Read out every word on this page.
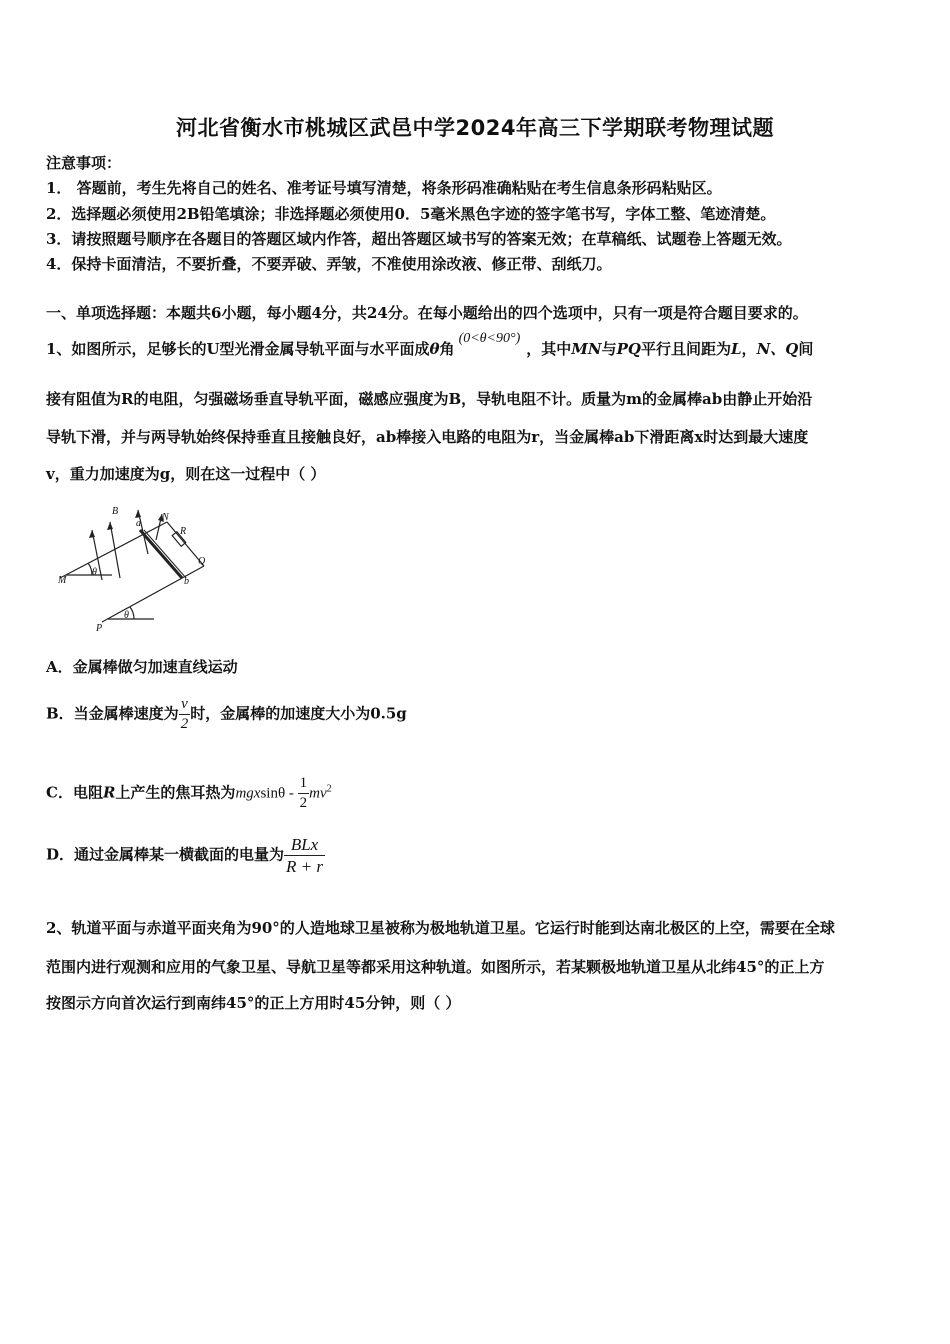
河北省衡水市桃城区武邑中学2024年高三下学期联考物理试题
注意事项：
1． 答题前，考生先将自己的姓名、准考证号填写清楚，将条形码准确粘贴在考生信息条形码粘贴区。
2．选择题必须使用2B铅笔填涂；非选择题必须使用0．5毫米黑色字迹的签字笔书写，字体工整、笔迹清楚。
3．请按照题号顺序在各题目的答题区域内作答，超出答题区域书写的答案无效；在草稿纸、试题卷上答题无效。
4．保持卡面清洁，不要折叠，不要弄破、弄皱，不准使用涂改液、修正带、刮纸刀。
一、单项选择题：本题共6小题，每小题4分，共24分。在每小题给出的四个选项中，只有一项是符合题目要求的。
1、如图所示，足够长的U型光滑金属导轨平面与水平面成θ角(0<θ<90°)，其中MN与PQ平行且间距为L，N、Q间
接有阻值为R的电阻，匀强磁场垂直导轨平面，磁感应强度为B，导轨电阻不计。质量为m的金属棒ab由静止开始沿
导轨下滑，并与两导轨始终保持垂直且接触良好，ab棒接入电路的电阻为r，当金属棒ab下滑距离x时达到最大速度
v，重力加速度为g，则在这一过程中（ ）
B
a
N
R
Q
b
M
P
θ
θ
A．金属棒做匀加速直线运动
B．当金属棒速度为 $\frac{v}{2}$ 时，金属棒的加速度大小为0.5g
C．电阻R上产生的焦耳热为mgxsinθ - $\frac{1}{2} mv^2$
D．通过金属棒某一横截面的电量为 $\frac{\text{BLx}}{R + r}$
2、轨道平面与赤道平面夹角为90°的人造地球卫星被称为极地轨道卫星。它运行时能到达南北极区的上空，需要在全球
范围内进行观测和应用的气象卫星、导航卫星等都采用这种轨道。如图所示，若某颗极地轨道卫星从北纬45°的正上方
按图示方向首次运行到南纬45°的正上方用时45分钟，则（ ）
